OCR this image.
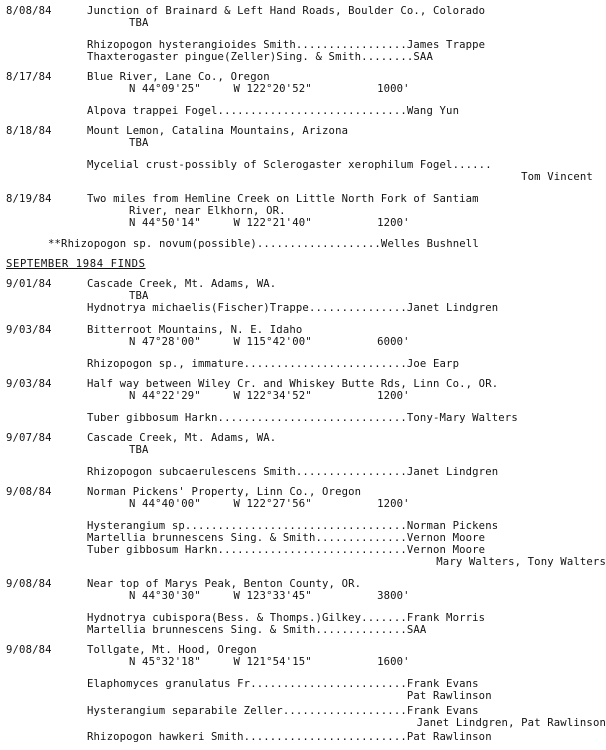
8/08/84	Junction of Brainard & Left Hand Roads, Boulder Co., Colorado
TBA
Rhizopogon hysterangioides Smith.................James Trappe
Thaxterogaster pingue(Zeller)Sing. & Smith........SAA
8/17/84	Blue River, Lane Co., Oregon
N 44°09'25"     W 122°20'52"          1000'
Alpova trappei Fogel.............................Wang Yun
8/18/84	Mount Lemon, Catalina Mountains, Arizona
TBA
Mycelial crust-possibly of Sclerogaster xerophilum Fogel......
Tom Vincent
8/19/84	Two miles from Hemline Creek on Little North Fork of Santiam
River, near Elkhorn, OR.
N 44°50'14"     W 122°21'40"          1200'
**Rhizopogon sp. novum(possible)...................Welles Bushnell
SEPTEMBER 1984 FINDS
9/01/84	Cascade Creek, Mt. Adams, WA.
TBA
Hydnotrya michaelis(Fischer)Trappe...............Janet Lindgren
9/03/84	Bitterroot Mountains, N. E. Idaho
N 47°28'00"     W 115°42'00"          6000'
Rhizopogon sp., immature.........................Joe Earp
9/03/84	Half way between Wiley Cr. and Whiskey Butte Rds, Linn Co., OR.
N 44°22'29"     W 122°34'52"          1200'
Tuber gibbosum Harkn.............................Tony-Mary Walters
9/07/84	Cascade Creek, Mt. Adams, WA.
TBA
Rhizopogon subcaerulescens Smith.................Janet Lindgren
9/08/84	Norman Pickens' Property, Linn Co., Oregon
N 44°40'00"     W 122°27'56"          1200'
Hysterangium sp..................................Norman Pickens
Martellia brunnescens Sing. & Smith..............Vernon Moore
Tuber gibbosum Harkn.............................Vernon Moore
Mary Walters, Tony Walters
9/08/84	Near top of Marys Peak, Benton County, OR.
N 44°30'30"     W 123°33'45"          3800'
Hydnotrya cubispora(Bess. & Thomps.)Gilkey.......Frank Morris
Martellia brunnescens Sing. & Smith..............SAA
9/08/84	Tollgate, Mt. Hood, Oregon
N 45°32'18"     W 121°54'15"          1600'
Elaphomyces granulatus Fr........................Frank Evans
Pat Rawlinson
Hysterangium separabile Zeller...................Frank Evans
Janet Lindgren, Pat Rawlinson
Rhizopogon hawkeri Smith.........................Pat Rawlinson
